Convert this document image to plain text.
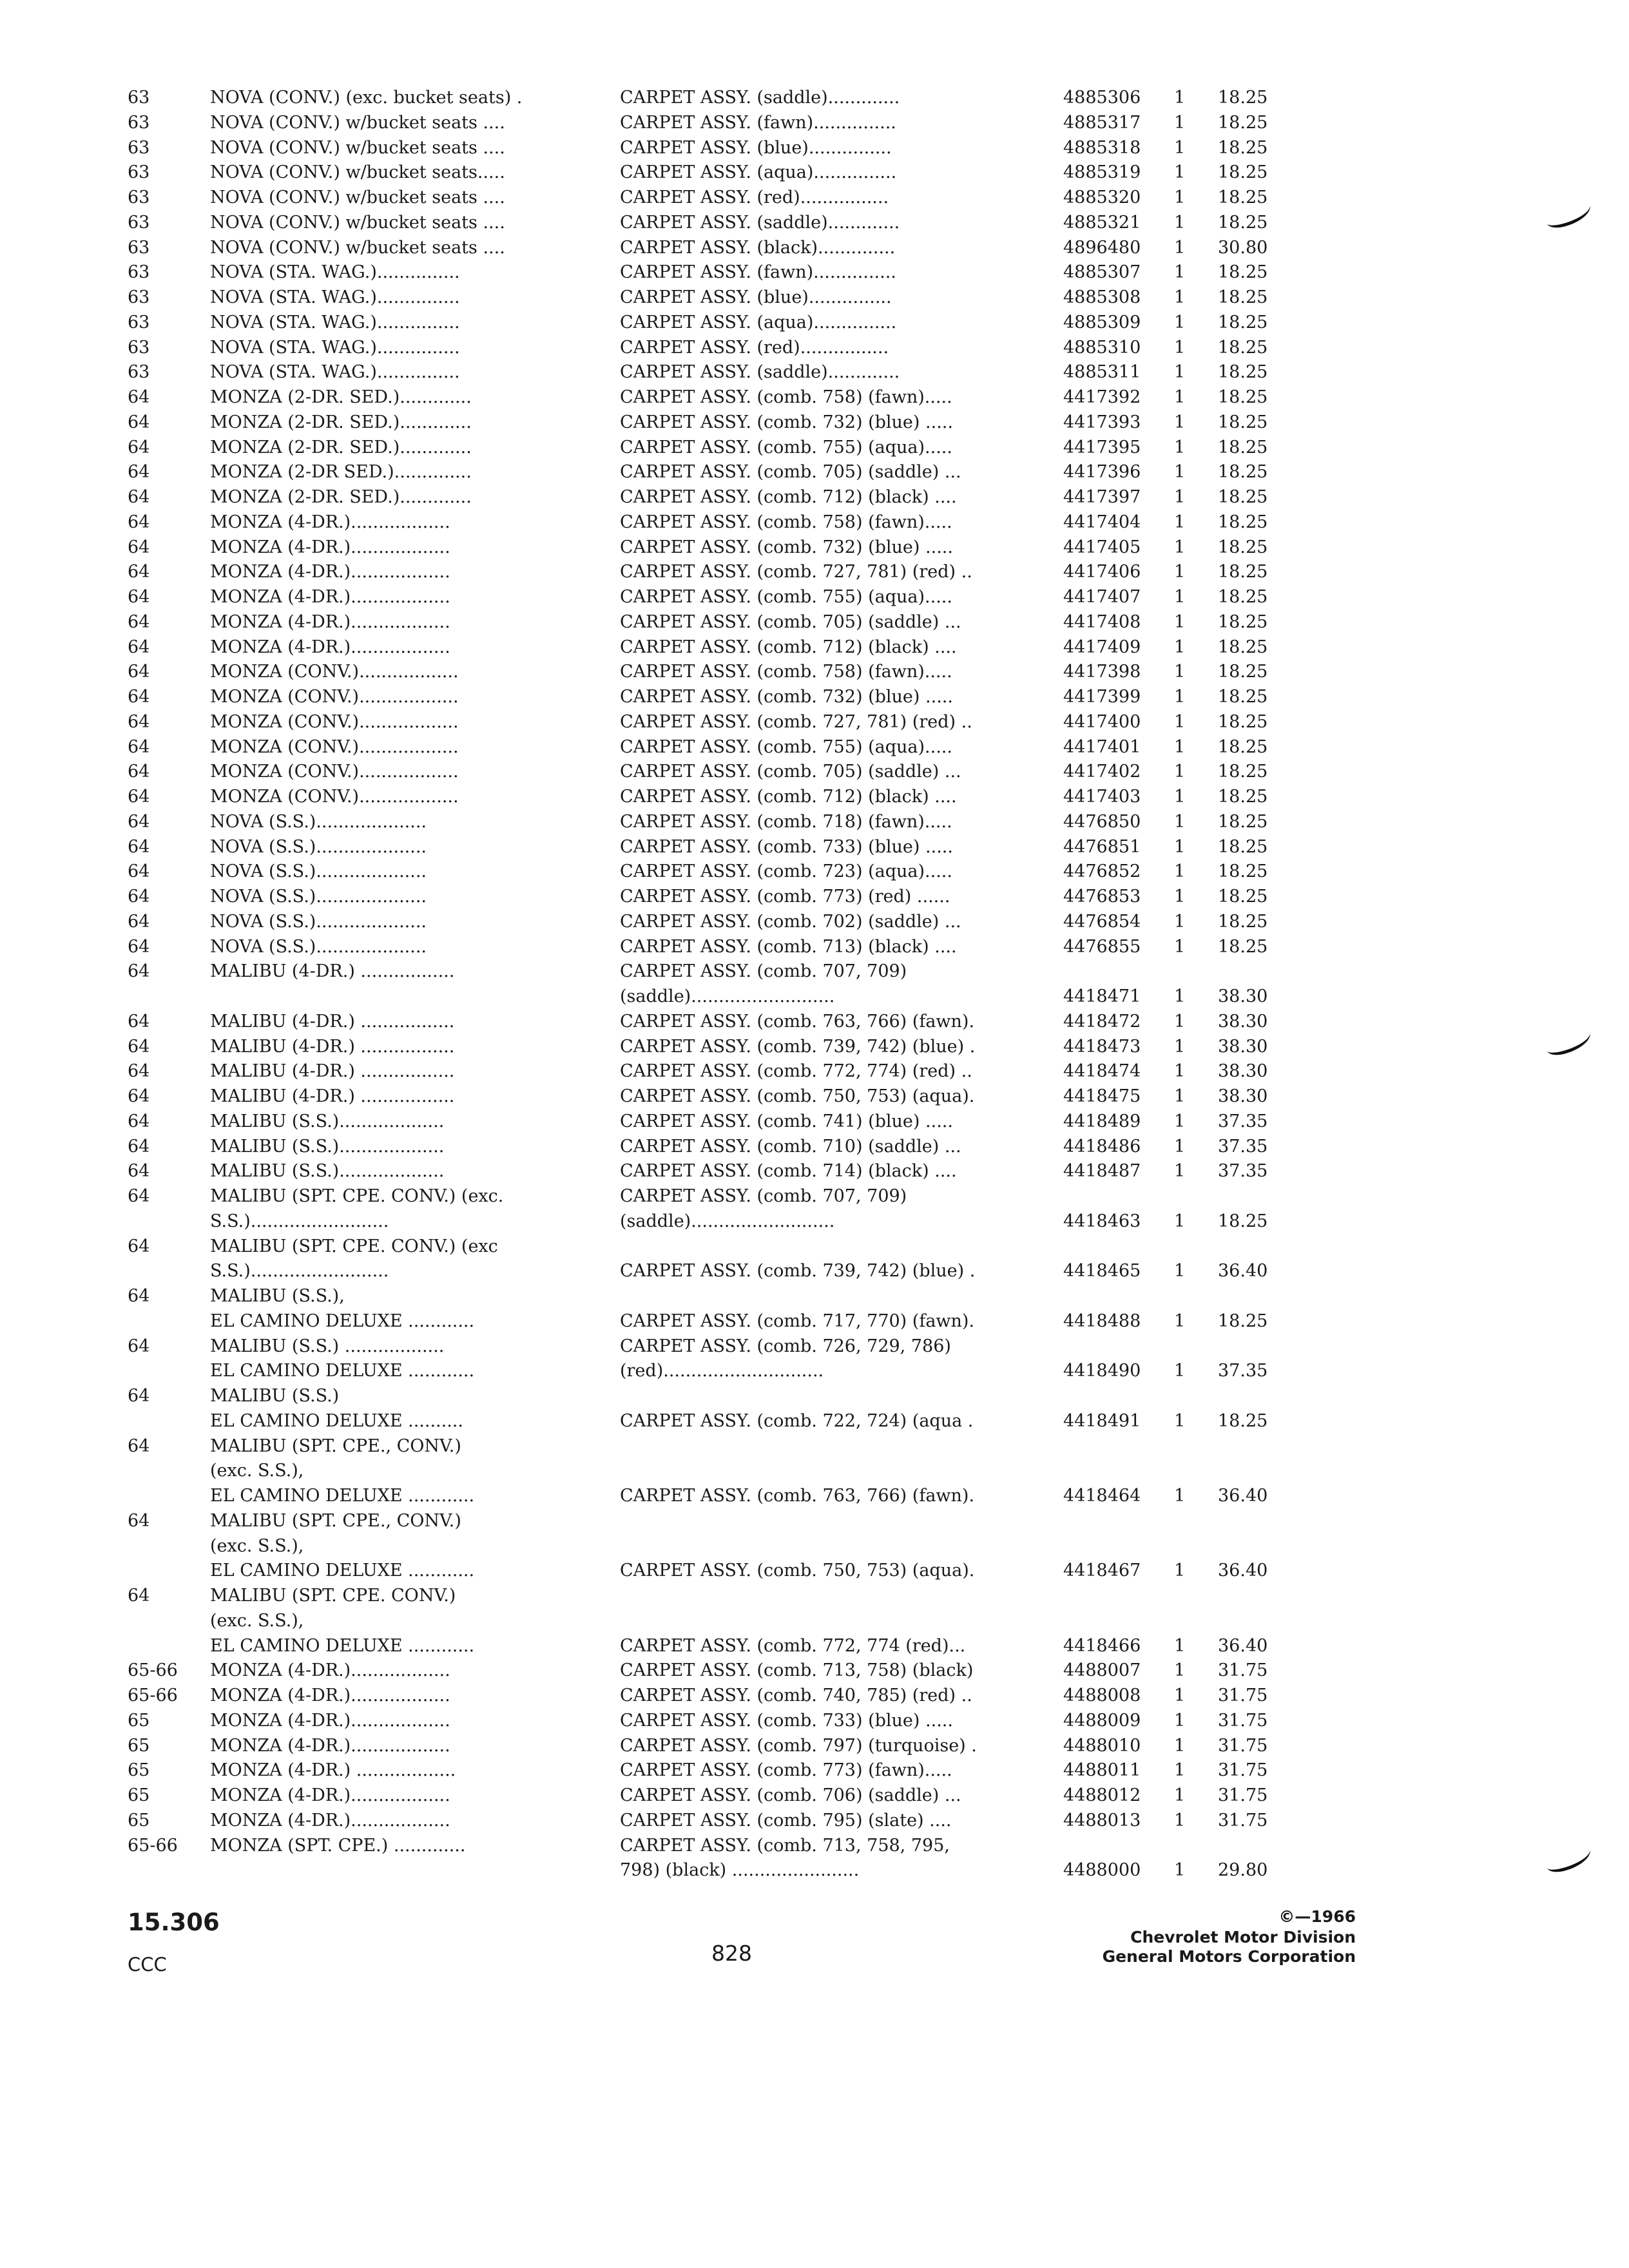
63	NOVA (CONV.) (exc. bucket seats) .	CARPET ASSY. (saddle).............	4885306 1 18.25
63	NOVA (CONV.) w/bucket seats ....	CARPET ASSY. (fawn)...............	4885317 1 18.25
63	NOVA (CONV.) w/bucket seats ....	CARPET ASSY. (blue)...............	4885318 1 18.25
63	NOVA (CONV.) w/bucket seats.....	CARPET ASSY. (aqua)...............	4885319 1 18.25
63	NOVA (CONV.) w/bucket seats ....	CARPET ASSY. (red)................	4885320 1 18.25
63	NOVA (CONV.) w/bucket seats ....	CARPET ASSY. (saddle).............	4885321 1 18.25
63	NOVA (CONV.) w/bucket seats ....	CARPET ASSY. (black)..............	4896480 1 30.80
63	NOVA (STA. WAG.)...............	CARPET ASSY. (fawn)...............	4885307 1 18.25
63	NOVA (STA. WAG.)...............	CARPET ASSY. (blue)...............	4885308 1 18.25
63	NOVA (STA. WAG.)...............	CARPET ASSY. (aqua)...............	4885309 1 18.25
63	NOVA (STA. WAG.)...............	CARPET ASSY. (red)................	4885310 1 18.25
63	NOVA (STA. WAG.)...............	CARPET ASSY. (saddle).............	4885311 1 18.25
64	MONZA (2-DR. SED.).............	CARPET ASSY. (comb. 758) (fawn).....	4417392 1 18.25
64	MONZA (2-DR. SED.).............	CARPET ASSY. (comb. 732) (blue) .....	4417393 1 18.25
64	MONZA (2-DR. SED.).............	CARPET ASSY. (comb. 755) (aqua).....	4417395 1 18.25
64	MONZA (2-DR SED.)..............	CARPET ASSY. (comb. 705) (saddle) ...	4417396 1 18.25
64	MONZA (2-DR. SED.).............	CARPET ASSY. (comb. 712) (black) ....	4417397 1 18.25
64	MONZA (4-DR.)..................	CARPET ASSY. (comb. 758) (fawn).....	4417404 1 18.25
64	MONZA (4-DR.)..................	CARPET ASSY. (comb. 732) (blue) .....	4417405 1 18.25
64	MONZA (4-DR.)..................	CARPET ASSY. (comb. 727, 781) (red) ..	4417406 1 18.25
64	MONZA (4-DR.)..................	CARPET ASSY. (comb. 755) (aqua).....	4417407 1 18.25
64	MONZA (4-DR.)..................	CARPET ASSY. (comb. 705) (saddle) ...	4417408 1 18.25
64	MONZA (4-DR.)..................	CARPET ASSY. (comb. 712) (black) ....	4417409 1 18.25
64	MONZA (CONV.)..................	CARPET ASSY. (comb. 758) (fawn).....	4417398 1 18.25
64	MONZA (CONV.)..................	CARPET ASSY. (comb. 732) (blue) .....	4417399 1 18.25
64	MONZA (CONV.)..................	CARPET ASSY. (comb. 727, 781) (red) ..	4417400 1 18.25
64	MONZA (CONV.)..................	CARPET ASSY. (comb. 755) (aqua).....	4417401 1 18.25
64	MONZA (CONV.)..................	CARPET ASSY. (comb. 705) (saddle) ...	4417402 1 18.25
64	MONZA (CONV.)..................	CARPET ASSY. (comb. 712) (black) ....	4417403 1 18.25
64	NOVA (S.S.)....................	CARPET ASSY. (comb. 718) (fawn).....	4476850 1 18.25
64	NOVA (S.S.)....................	CARPET ASSY. (comb. 733) (blue) .....	4476851 1 18.25
64	NOVA (S.S.)....................	CARPET ASSY. (comb. 723) (aqua).....	4476852 1 18.25
64	NOVA (S.S.)....................	CARPET ASSY. (comb. 773) (red) ......	4476853 1 18.25
64	NOVA (S.S.)....................	CARPET ASSY. (comb. 702) (saddle) ...	4476854 1 18.25
64	NOVA (S.S.)....................	CARPET ASSY. (comb. 713) (black) ....	4476855 1 18.25
64	MALIBU (4-DR.) .................	CARPET ASSY. (comb. 707, 709)
(saddle)..........................	4418471 1 38.30
64	MALIBU (4-DR.) .................	CARPET ASSY. (comb. 763, 766) (fawn).	4418472 1 38.30
64	MALIBU (4-DR.) .................	CARPET ASSY. (comb. 739, 742) (blue) .	4418473 1 38.30
64	MALIBU (4-DR.) .................	CARPET ASSY. (comb. 772, 774) (red) ..	4418474 1 38.30
64	MALIBU (4-DR.) .................	CARPET ASSY. (comb. 750, 753) (aqua).	4418475 1 38.30
64	MALIBU (S.S.)...................	CARPET ASSY. (comb. 741) (blue) .....	4418489 1 37.35
64	MALIBU (S.S.)...................	CARPET ASSY. (comb. 710) (saddle) ...	4418486 1 37.35
64	MALIBU (S.S.)...................	CARPET ASSY. (comb. 714) (black) ....	4418487 1 37.35
64	MALIBU (SPT. CPE. CONV.) (exc.	CARPET ASSY. (comb. 707, 709)
S.S.).........................	(saddle)..........................	4418463 1 18.25
64	MALIBU (SPT. CPE. CONV.) (exc
S.S.).........................	CARPET ASSY. (comb. 739, 742) (blue) .	4418465 1 36.40
64	MALIBU (S.S.),
EL CAMINO DELUXE ............	CARPET ASSY. (comb. 717, 770) (fawn).	4418488 1 18.25
64	MALIBU (S.S.) ..................	CARPET ASSY. (comb. 726, 729, 786)
EL CAMINO DELUXE ............	(red).............................	4418490 1 37.35
64	MALIBU (S.S.)
EL CAMINO DELUXE ..........	CARPET ASSY. (comb. 722, 724) (aqua .	4418491 1 18.25
64	MALIBU (SPT. CPE., CONV.)
(exc. S.S.),
EL CAMINO DELUXE ............	CARPET ASSY. (comb. 763, 766) (fawn).	4418464 1 36.40
64	MALIBU (SPT. CPE., CONV.)
(exc. S.S.),
EL CAMINO DELUXE ............	CARPET ASSY. (comb. 750, 753) (aqua).	4418467 1 36.40
64	MALIBU (SPT. CPE. CONV.)
(exc. S.S.),
EL CAMINO DELUXE ............	CARPET ASSY. (comb. 772, 774 (red)...	4418466 1 36.40
65-66 MONZA (4-DR.)..................	CARPET ASSY. (comb. 713, 758) (black)	4488007 1 31.75
65-66 MONZA (4-DR.)..................	CARPET ASSY. (comb. 740, 785) (red) ..	4488008 1 31.75
65	MONZA (4-DR.)..................	CARPET ASSY. (comb. 733) (blue) .....	4488009 1 31.75
65	MONZA (4-DR.)..................	CARPET ASSY. (comb. 797) (turquoise) .	4488010 1 31.75
65	MONZA (4-DR.) ..................	CARPET ASSY. (comb. 773) (fawn).....	4488011 1 31.75
65	MONZA (4-DR.)..................	CARPET ASSY. (comb. 706) (saddle) ...	4488012 1 31.75
65	MONZA (4-DR.)..................	CARPET ASSY. (comb. 795) (slate) ....	4488013 1 31.75
65-66 MONZA (SPT. CPE.) .............	CARPET ASSY. (comb. 713, 758, 795,
798) (black) .......................	4488000 1 29.80
15.306
CCC	828
©—1966
Chevrolet Motor Division
General Motors Corporation
